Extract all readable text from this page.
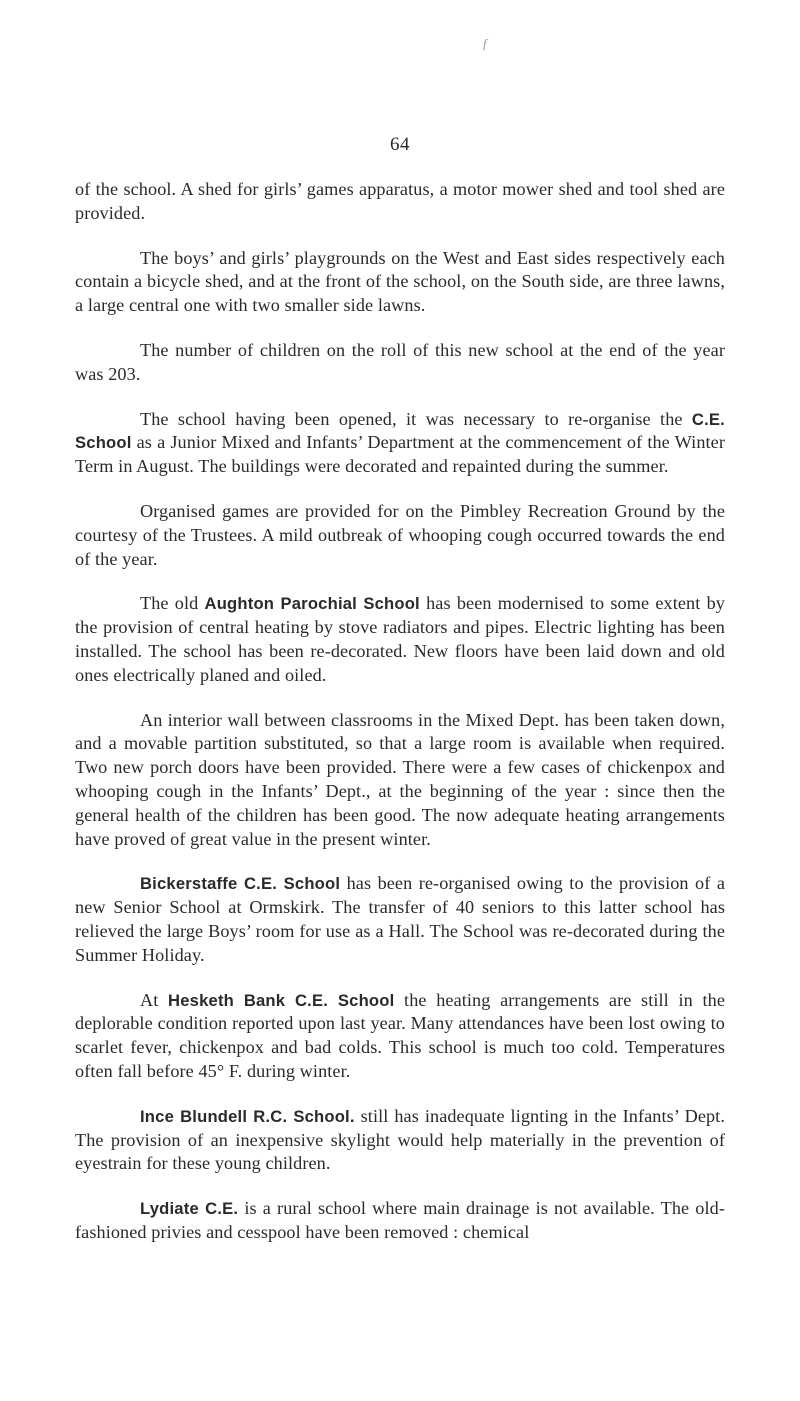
f
64

of the school. A shed for girls’ games apparatus, a motor mower shed and tool shed are provided.

The boys’ and girls’ playgrounds on the West and East sides respectively each contain a bicycle shed, and at the front of the school, on the South side, are three lawns, a large central one with two smaller side lawns.

The number of children on the roll of this new school at the end of the year was 203.

The school having been opened, it was necessary to re-organise the C.E. School as a Junior Mixed and Infants’ Department at the commencement of the Winter Term in August. The buildings were decorated and repainted during the summer.

Organised games are provided for on the Pimbley Recreation Ground by the courtesy of the Trustees. A mild outbreak of whooping cough occurred towards the end of the year.

The old Aughton Parochial School has been modernised to some extent by the provision of central heating by stove radiators and pipes. Electric lighting has been installed. The school has been re-decorated. New floors have been laid down and old ones electrically planed and oiled.

An interior wall between classrooms in the Mixed Dept. has been taken down, and a movable partition substituted, so that a large room is available when required. Two new porch doors have been provided. There were a few cases of chickenpox and whooping cough in the Infants’ Dept., at the beginning of the year : since then the general health of the children has been good. The now adequate heating arrangements have proved of great value in the present winter.

Bickerstaffe C.E. School has been re-organised owing to the provision of a new Senior School at Ormskirk. The transfer of 40 seniors to this latter school has relieved the large Boys’ room for use as a Hall. The School was re-decorated during the Summer Holiday.

At Hesketh Bank C.E. School the heating arrangements are still in the deplorable condition reported upon last year. Many attendances have been lost owing to scarlet fever, chickenpox and bad colds. This school is much too cold. Temperatures often fall before 45° F. during winter.

Ince Blundell R.C. School. still has inadequate lignting in the Infants’ Dept. The provision of an inexpensive skylight would help materially in the prevention of eyestrain for these young children.

Lydiate C.E. is a rural school where main drainage is not available. The old-fashioned privies and cesspool have been removed : chemical
